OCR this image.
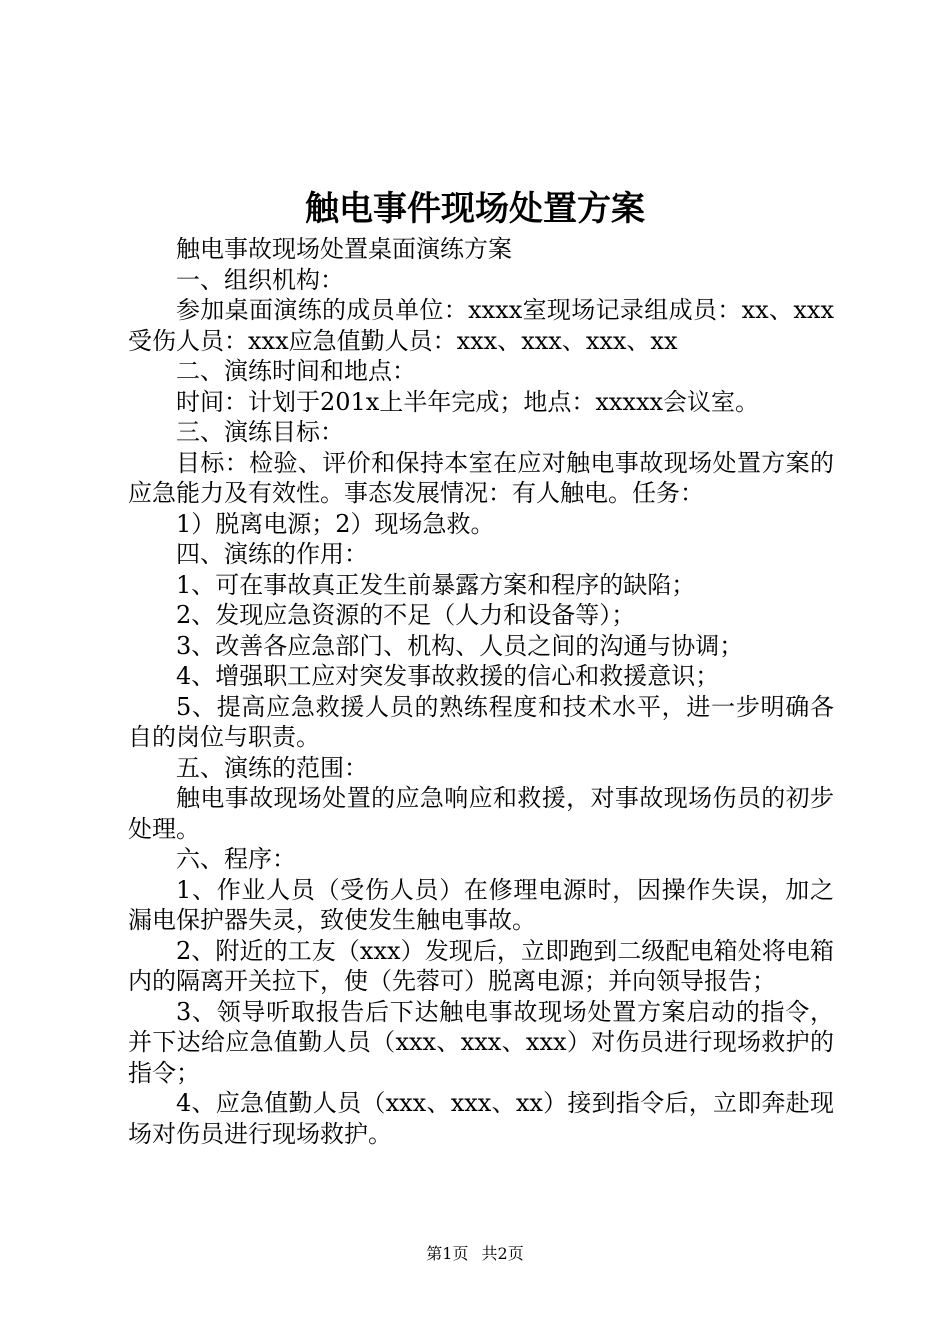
触电事件现场处置方案

触电事故现场处置桌面演练方案

一、组织机构：

参加桌面演练的成员单位：xxxx室现场记录组成员：xx、xxx受伤人员：xxx应急值勤人员：xxx、xxx、xxx、xx

二、演练时间和地点：

时间：计划于201x上半年完成；地点：xxxxx会议室。

三、演练目标：

目标：检验、评价和保持本室在应对触电事故现场处置方案的应急能力及有效性。事态发展情况：有人触电。任务：

1）脱离电源；2）现场急救。

四、演练的作用：

1、可在事故真正发生前暴露方案和程序的缺陷；

2、发现应急资源的不足（人力和设备等）；

3、改善各应急部门、机构、人员之间的沟通与协调；

4、增强职工应对突发事故救援的信心和救援意识；

5、提高应急救援人员的熟练程度和技术水平，进一步明确各自的岗位与职责。

五、演练的范围：

触电事故现场处置的应急响应和救援，对事故现场伤员的初步处理。

六、程序：

1、作业人员（受伤人员）在修理电源时，因操作失误，加之漏电保护器失灵，致使发生触电事故。

2、附近的工友（xxx）发现后，立即跑到二级配电箱处将电箱内的隔离开关拉下，使（先蓉可）脱离电源；并向领导报告；

3、领导听取报告后下达触电事故现场处置方案启动的指令，并下达给应急值勤人员（xxx、xxx、xxx）对伤员进行现场救护的指令；

4、应急值勤人员（xxx、xxx、xx）接到指令后，立即奔赴现场对伤员进行现场救护。

第1页 共2页
